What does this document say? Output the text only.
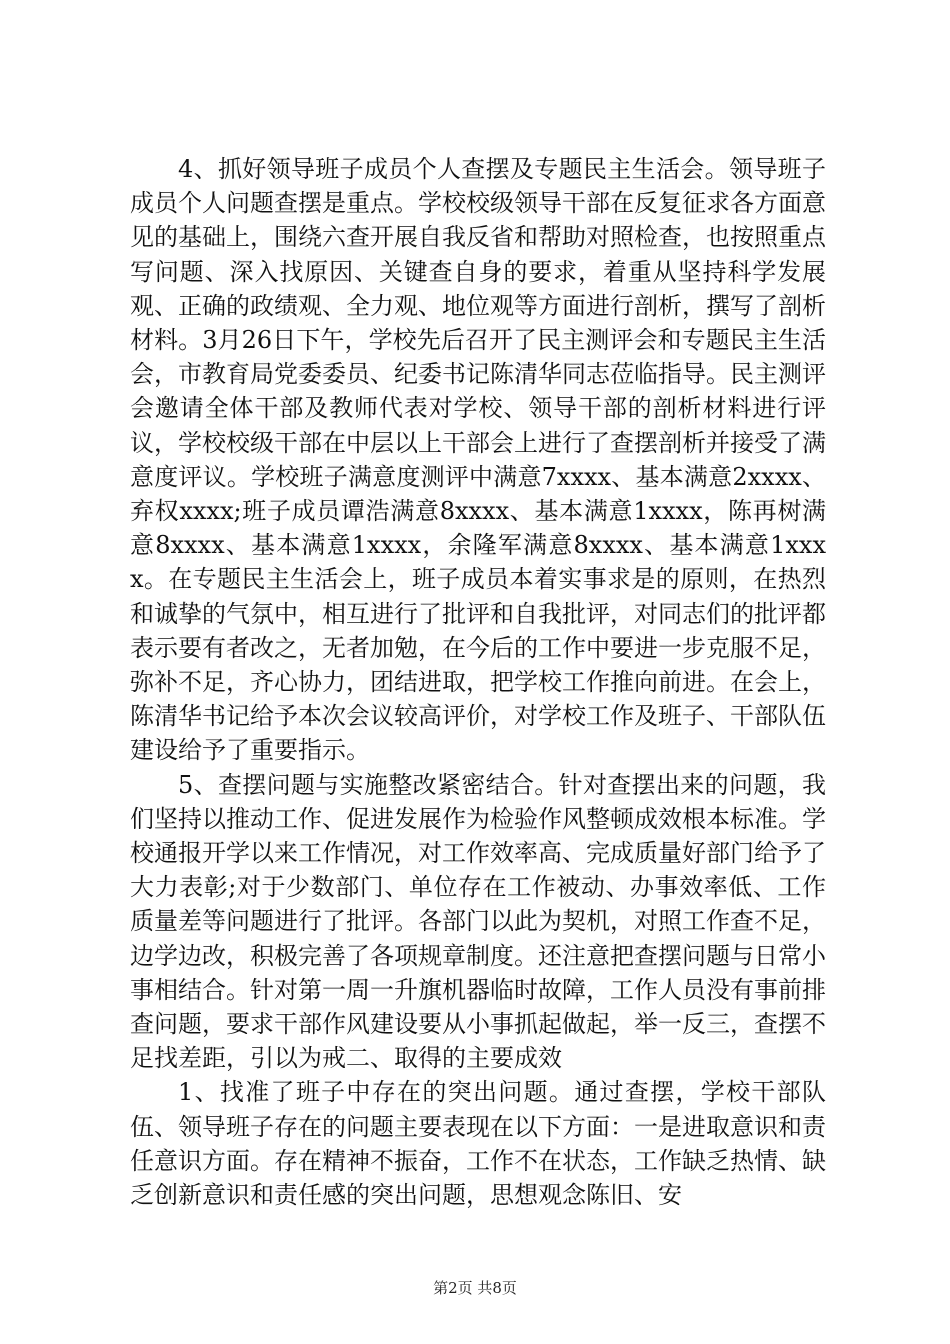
4、抓好领导班子成员个人查摆及专题民主生活会。领导班子成员个人问题查摆是重点。学校校级领导干部在反复征求各方面意见的基础上，围绕六查开展自我反省和帮助对照检查，也按照重点写问题、深入找原因、关键查自身的要求，着重从坚持科学发展观、正确的政绩观、全力观、地位观等方面进行剖析，撰写了剖析材料。3月26日下午，学校先后召开了民主测评会和专题民主生活会，市教育局党委委员、纪委书记陈清华同志莅临指导。民主测评会邀请全体干部及教师代表对学校、领导干部的剖析材料进行评议，学校校级干部在中层以上干部会上进行了查摆剖析并接受了满意度评议。学校班子满意度测评中满意7xxxx、基本满意2xxxx、弃权xxxx;班子成员谭浩满意8xxxx、基本满意1xxxx，陈再树满意8xxxx、基本满意1xxxx，余隆军满意8xxxx、基本满意1xxxx。在专题民主生活会上，班子成员本着实事求是的原则，在热烈和诚挚的气氛中，相互进行了批评和自我批评，对同志们的批评都表示要有者改之，无者加勉，在今后的工作中要进一步克服不足，弥补不足，齐心协力，团结进取，把学校工作推向前进。在会上，陈清华书记给予本次会议较高评价，对学校工作及班子、干部队伍建设给予了重要指示。

5、查摆问题与实施整改紧密结合。针对查摆出来的问题，我们坚持以推动工作、促进发展作为检验作风整顿成效根本标准。学校通报开学以来工作情况，对工作效率高、完成质量好部门给予了大力表彰;对于少数部门、单位存在工作被动、办事效率低、工作质量差等问题进行了批评。各部门以此为契机，对照工作查不足，边学边改，积极完善了各项规章制度。还注意把查摆问题与日常小事相结合。针对第一周一升旗机器临时故障，工作人员没有事前排查问题，要求干部作风建设要从小事抓起做起，举一反三，查摆不足找差距，引以为戒二、取得的主要成效

1、找准了班子中存在的突出问题。通过查摆，学校干部队伍、领导班子存在的问题主要表现在以下方面：一是进取意识和责任意识方面。存在精神不振奋，工作不在状态，工作缺乏热情、缺乏创新意识和责任感的突出问题，思想观念陈旧、安

第2页 共8页
